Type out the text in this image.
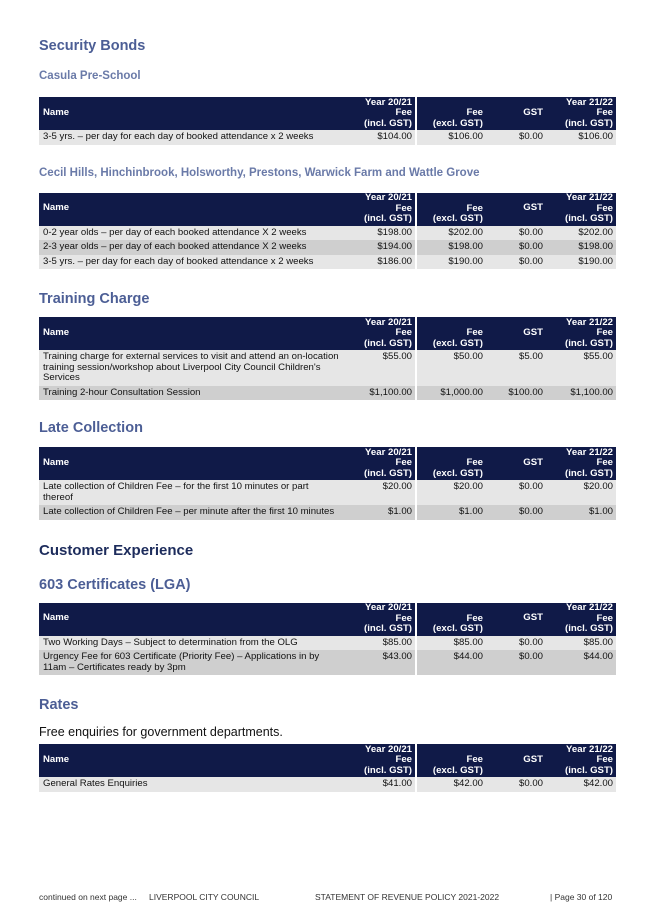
Security Bonds
Casula Pre-School
Name	Year 20/21
Fee
(incl. GST)	Fee
(excl. GST)	GST	Year 21/22
Fee
(incl. GST)
3-5 yrs. – per day for each day of booked attendance x 2 weeks	$104.00	$106.00	$0.00	$106.00
Cecil Hills, Hinchinbrook, Holsworthy, Prestons, Warwick Farm and Wattle Grove
Name	Year 20/21
Fee
(incl. GST)	Fee
(excl. GST)	GST	Year 21/22
Fee
(incl. GST)
0-2 year olds – per day of each booked attendance X 2 weeks	$198.00	$202.00	$0.00	$202.00
2-3 year olds – per day of each booked attendance X 2 weeks	$194.00	$198.00	$0.00	$198.00
3-5 yrs. – per day for each day of booked attendance x 2 weeks	$186.00	$190.00	$0.00	$190.00
Training Charge
Name	Year 20/21
Fee
(incl. GST)	Fee
(excl. GST)	GST	Year 21/22
Fee
(incl. GST)
Training charge for external services to visit and attend an on-location training session/workshop about Liverpool City Council Children's Services	$55.00	$50.00	$5.00	$55.00
Training 2-hour Consultation Session	$1,100.00	$1,000.00	$100.00	$1,100.00
Late Collection
Name	Year 20/21
Fee
(incl. GST)	Fee
(excl. GST)	GST	Year 21/22
Fee
(incl. GST)
Late collection of Children Fee – for the first 10 minutes or part thereof	$20.00	$20.00	$0.00	$20.00
Late collection of Children Fee – per minute after the first 10 minutes	$1.00	$1.00	$0.00	$1.00
Customer Experience
603 Certificates (LGA)
Name	Year 20/21
Fee
(incl. GST)	Fee
(excl. GST)	GST	Year 21/22
Fee
(incl. GST)
Two Working Days – Subject to determination from the OLG	$85.00	$85.00	$0.00	$85.00
Urgency Fee for 603 Certificate (Priority Fee) – Applications in by 11am – Certificates ready by 3pm	$43.00	$44.00	$0.00	$44.00
Rates

Free enquiries for government departments.

Name	Year 20/21
Fee
(incl. GST)	Fee
(excl. GST)	GST	Year 21/22
Fee
(incl. GST)
General Rates Enquiries	$41.00	$42.00	$0.00	$42.00
continued on next page ... LIVERPOOL CITY COUNCIL	STATEMENT OF REVENUE POLICY 2021-2022	| Page 30 of 120
